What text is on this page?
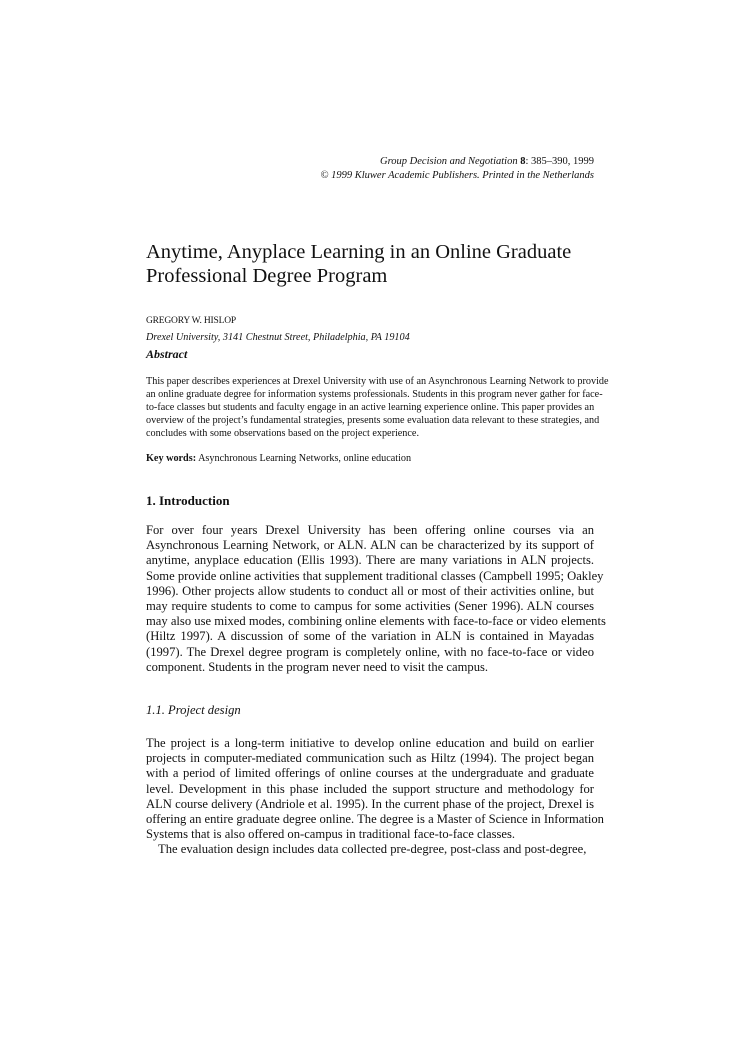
Group Decision and Negotiation 8: 385–390, 1999
© 1999 Kluwer Academic Publishers. Printed in the Netherlands
Anytime, Anyplace Learning in an Online Graduate
Professional Degree Program
GREGORY W. HISLOP
Drexel University, 3141 Chestnut Street, Philadelphia, PA 19104
Abstract
This paper describes experiences at Drexel University with use of an Asynchronous Learning Network to provide
an online graduate degree for information systems professionals. Students in this program never gather for face-
to-face classes but students and faculty engage in an active learning experience online. This paper provides an
overview of the project’s fundamental strategies, presents some evaluation data relevant to these strategies, and
concludes with some observations based on the project experience.
Key words: Asynchronous Learning Networks, online education
1. Introduction
For over four years Drexel University has been offering online courses via an
Asynchronous Learning Network, or ALN. ALN can be characterized by its support of
anytime, anyplace education (Ellis 1993). There are many variations in ALN projects.
Some provide online activities that supplement traditional classes (Campbell 1995; Oakley
1996). Other projects allow students to conduct all or most of their activities online, but
may require students to come to campus for some activities (Sener 1996). ALN courses
may also use mixed modes, combining online elements with face-to-face or video elements
(Hiltz 1997). A discussion of some of the variation in ALN is contained in Mayadas
(1997). The Drexel degree program is completely online, with no face-to-face or video
component. Students in the program never need to visit the campus.
1.1. Project design
The project is a long-term initiative to develop online education and build on earlier
projects in computer-mediated communication such as Hiltz (1994). The project began
with a period of limited offerings of online courses at the undergraduate and graduate
level. Development in this phase included the support structure and methodology for
ALN course delivery (Andriole et al. 1995). In the current phase of the project, Drexel is
offering an entire graduate degree online. The degree is a Master of Science in Information
Systems that is also offered on-campus in traditional face-to-face classes.
The evaluation design includes data collected pre-degree, post-class and post-degree,
